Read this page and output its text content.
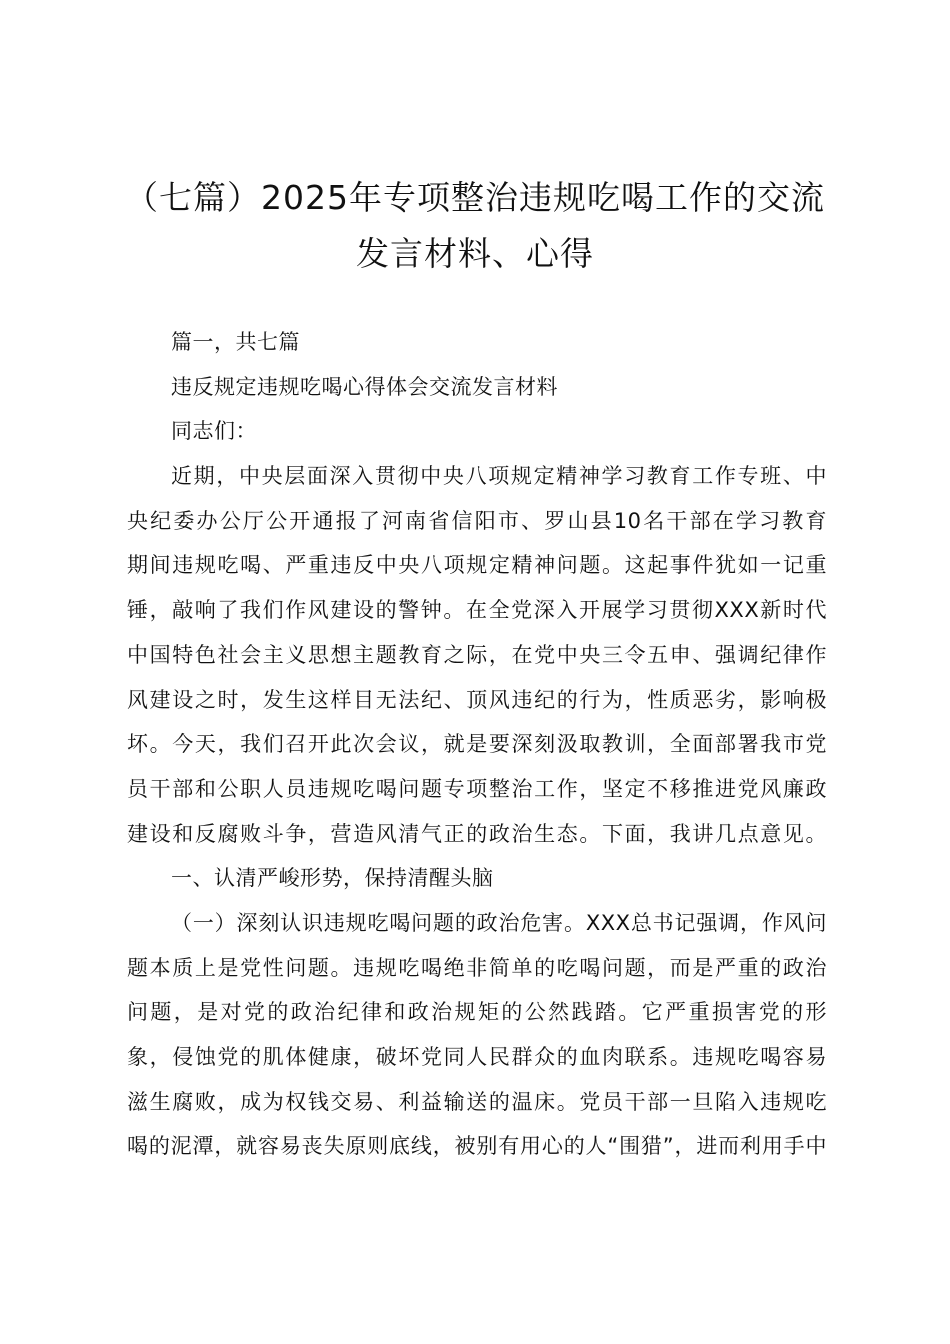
（七篇）2025年专项整治违规吃喝工作的交流
发言材料、心得
篇一，共七篇
违反规定违规吃喝心得体会交流发言材料
同志们：
近期，中央层面深入贯彻中央八项规定精神学习教育工作专班、中
央纪委办公厅公开通报了河南省信阳市、罗山县10名干部在学习教育
期间违规吃喝、严重违反中央八项规定精神问题。这起事件犹如一记重
锤，敲响了我们作风建设的警钟。在全党深入开展学习贯彻XXX新时代
中国特色社会主义思想主题教育之际，在党中央三令五申、强调纪律作
风建设之时，发生这样目无法纪、顶风违纪的行为，性质恶劣，影响极
坏。今天，我们召开此次会议，就是要深刻汲取教训，全面部署我市党
员干部和公职人员违规吃喝问题专项整治工作，坚定不移推进党风廉政
建设和反腐败斗争，营造风清气正的政治生态。下面，我讲几点意见。
一、认清严峻形势，保持清醒头脑
（一）深刻认识违规吃喝问题的政治危害。XXX总书记强调，作风问
题本质上是党性问题。违规吃喝绝非简单的吃喝问题，而是严重的政治
问题，是对党的政治纪律和政治规矩的公然践踏。它严重损害党的形
象，侵蚀党的肌体健康，破坏党同人民群众的血肉联系。违规吃喝容易
滋生腐败，成为权钱交易、利益输送的温床。党员干部一旦陷入违规吃
喝的泥潭，就容易丧失原则底线，被别有用心的人“围猎”，进而利用手中
